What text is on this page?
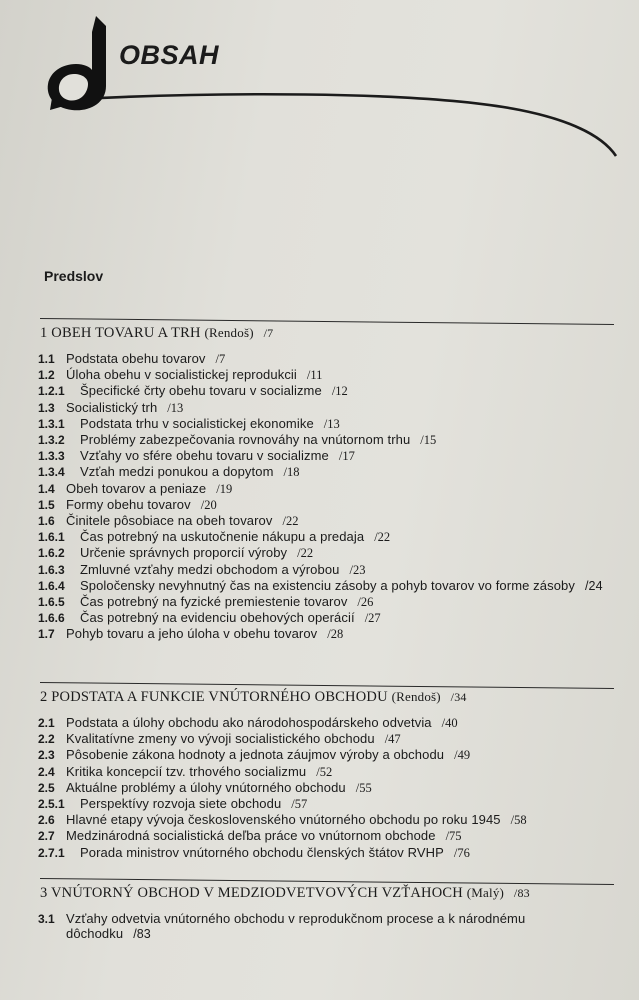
OBSAH
Predslov
1 OBEH TOVARU A TRH (Rendoš) /7
1.1 Podstata obehu tovarov /7
1.2 Úloha obehu v socialistickej reprodukcii /11
1.2.1	Špecifické črty obehu tovaru v socializme /12
1.3 Socialistický trh /13
1.3.1	Podstata trhu v socialistickej ekonomike /13
1.3.2	Problémy zabezpečovania rovnováhy na vnútornom trhu /15
1.3.3	Vzťahy vo sfére obehu tovaru v socializme /17
1.3.4	Vzťah medzi ponukou a dopytom /18
1.4 Obeh tovarov a peniaze /19
1.5 Formy obehu tovarov /20
1.6 Činitele pôsobiace na obeh tovarov /22
1.6.1	Čas potrebný na uskutočnenie nákupu a predaja /22
1.6.2	Určenie správnych proporcií výroby /22
1.6.3	Zmluvné vzťahy medzi obchodom a výrobou /23
1.6.4	Spoločensky nevyhnutný čas na existenciu zásoby a pohyb tovarov vo forme zásoby /24
1.6.5	Čas potrebný na fyzické premiestenie tovarov /26
1.6.6	Čas potrebný na evidenciu obehových operácií /27
1.7 Pohyb tovaru a jeho úloha v obehu tovarov /28
2 PODSTATA A FUNKCIE VNÚTORNÉHO OBCHODU (Rendoš) /34
2.1 Podstata a úlohy obchodu ako národohospodárskeho odvetvia /40
2.2 Kvalitatívne zmeny vo vývoji socialistického obchodu /47
2.3 Pôsobenie zákona hodnoty a jednota záujmov výroby a obchodu /49
2.4 Kritika koncepcií tzv. trhového socializmu /52
2.5 Aktuálne problémy a úlohy vnútorného obchodu /55
2.5.1	Perspektívy rozvoja siete obchodu /57
2.6 Hlavné etapy vývoja československého vnútorného obchodu po roku 1945 /58
2.7 Medzinárodná socialistická deľba práce vo vnútornom obchode /75
2.7.1	Porada ministrov vnútorného obchodu členských štátov RVHP /76
3 VNÚTORNÝ OBCHOD V MEDZIODVETVOVÝCH VZŤAHOCH (Malý) /83
3.1 Vzťahy odvetvia vnútorného obchodu v reprodukčnom procese a k národnému dôchodku /83
